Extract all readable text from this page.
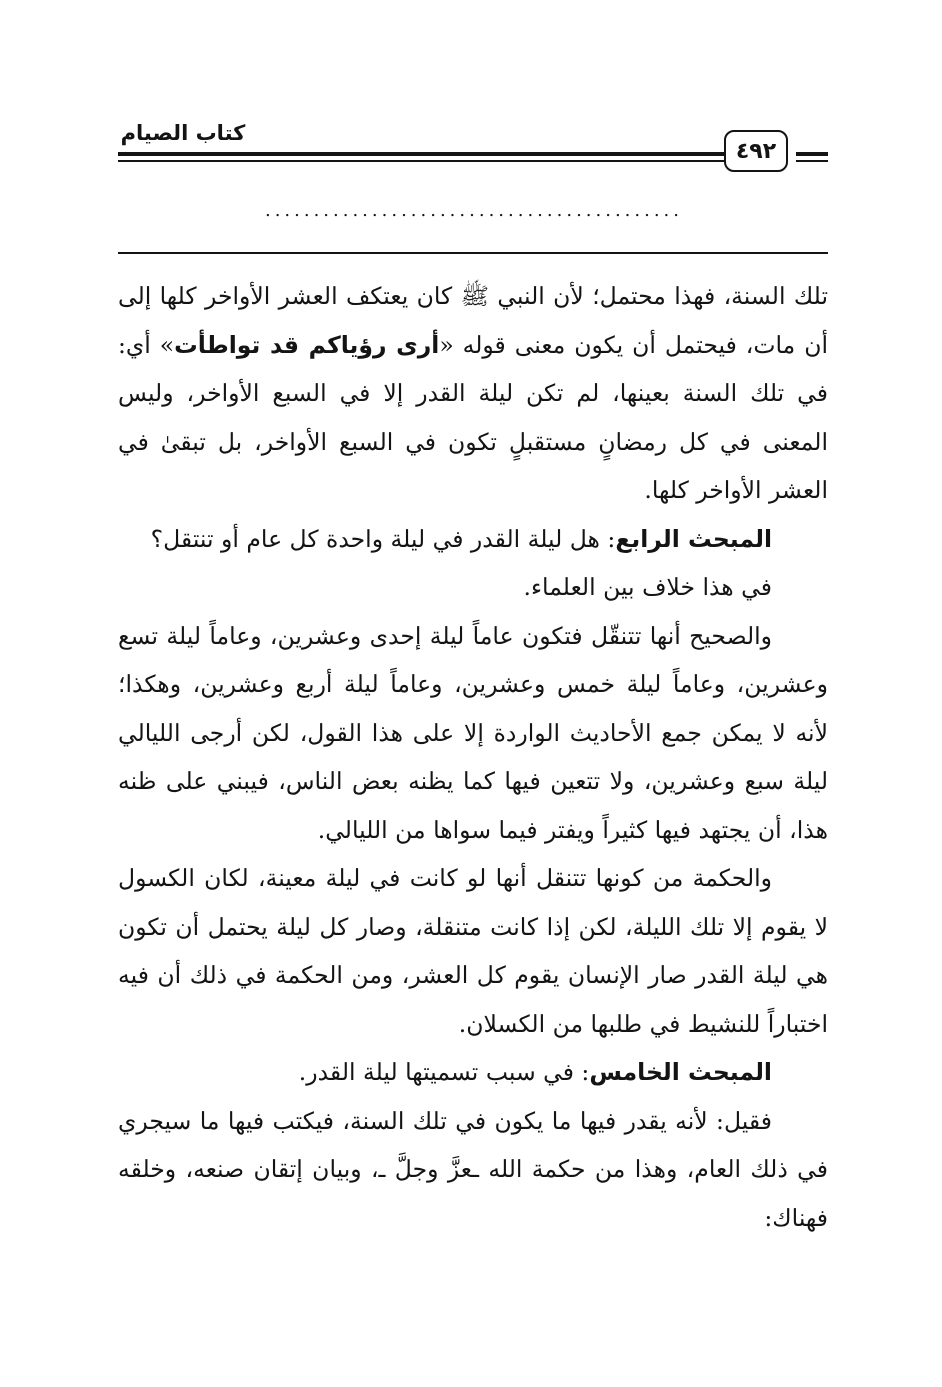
كتاب الصيام
٤٩٢
...........................................

تلك السنة، فهذا محتمل؛ لأن النبي ﷺ كان يعتكف العشر الأواخر كلها إلى أن مات، فيحتمل أن يكون معنى قوله «أرى رؤياكم قد تواطأت» أي: في تلك السنة بعينها، لم تكن ليلة القدر إلا في السبع الأواخر، وليس المعنى في كل رمضانٍ مستقبلٍ تكون في السبع الأواخر، بل تبقىٰ في العشر الأواخر كلها.

المبحث الرابع: هل ليلة القدر في ليلة واحدة كل عام أو تنتقل؟

في هذا خلاف بين العلماء.

والصحيح أنها تتنقّل فتكون عاماً ليلة إحدى وعشرين، وعاماً ليلة تسع وعشرين، وعاماً ليلة خمس وعشرين، وعاماً ليلة أربع وعشرين، وهكذا؛ لأنه لا يمكن جمع الأحاديث الواردة إلا على هذا القول، لكن أرجى الليالي ليلة سبع وعشرين، ولا تتعين فيها كما يظنه بعض الناس، فيبني على ظنه هذا، أن يجتهد فيها كثيراً ويفتر فيما سواها من الليالي.

والحكمة من كونها تتنقل أنها لو كانت في ليلة معينة، لكان الكسول لا يقوم إلا تلك الليلة، لكن إذا كانت متنقلة، وصار كل ليلة يحتمل أن تكون هي ليلة القدر صار الإنسان يقوم كل العشر، ومن الحكمة في ذلك أن فيه اختباراً للنشيط في طلبها من الكسلان.

المبحث الخامس: في سبب تسميتها ليلة القدر.

فقيل: لأنه يقدر فيها ما يكون في تلك السنة، فيكتب فيها ما سيجري في ذلك العام، وهذا من حكمة الله ـعزَّ وجلَّ ـ، وبيان إتقان صنعه، وخلقه فهناك:
